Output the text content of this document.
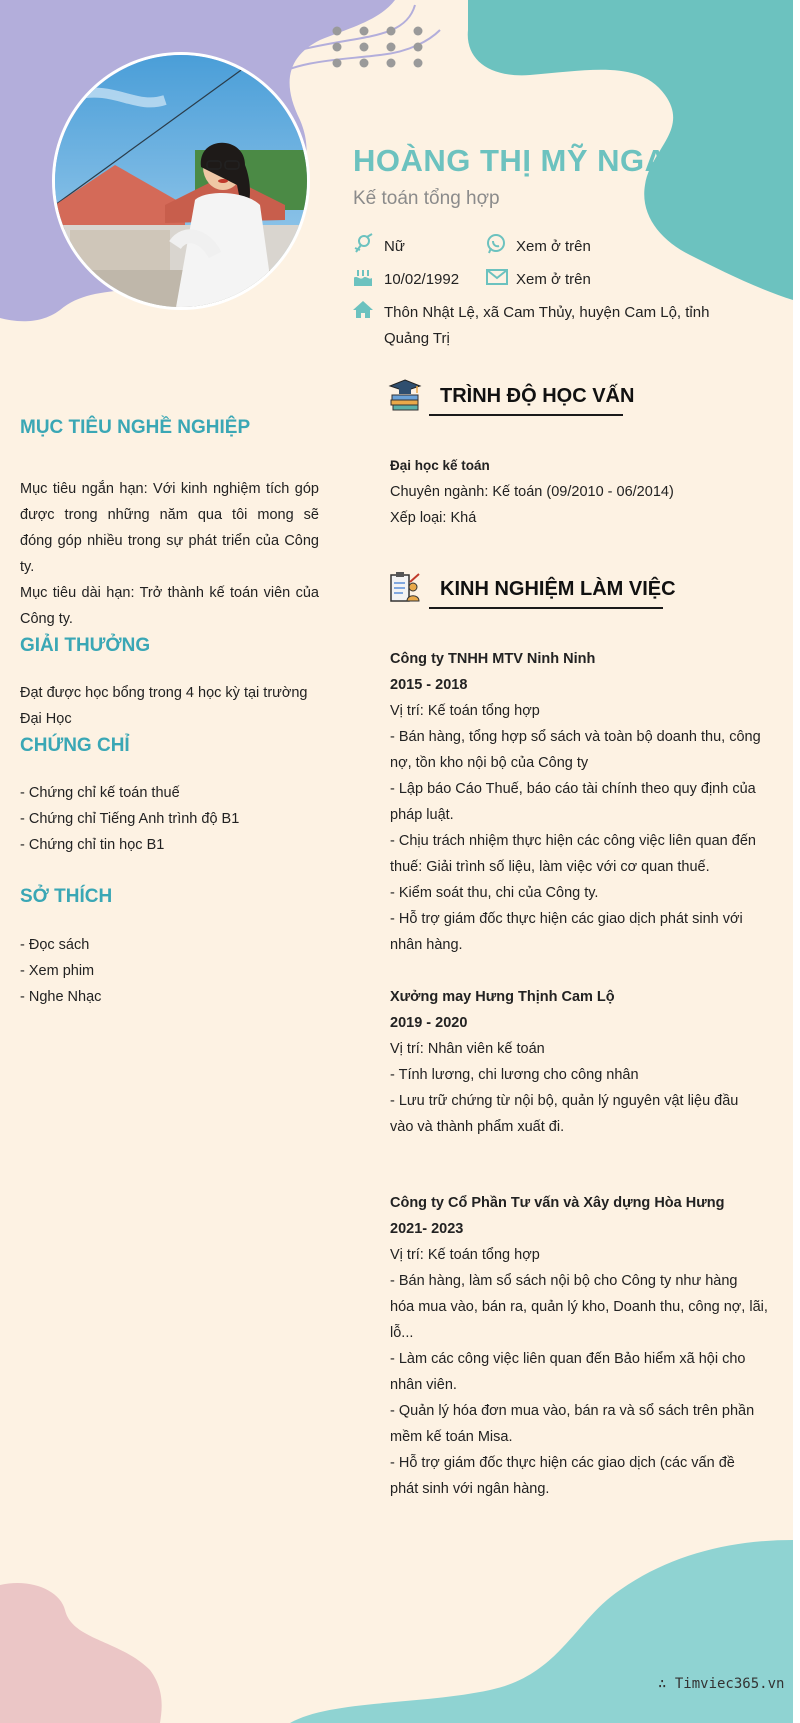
HOÀNG THỊ MỸ NGA
Kế toán tổng hợp
Nữ	Xem ở trên
10/02/1992	Xem ở trên
Thôn Nhật Lệ, xã Cam Thủy, huyện Cam Lộ, tỉnh
Quảng Trị
MỤC TIÊU NGHỀ NGHIỆP
Mục tiêu ngắn hạn: Với kinh nghiệm tích góp
được trong những năm qua tôi mong sẽ
đóng góp nhiều trong sự phát triển của Công
ty.
Mục tiêu dài hạn: Trở thành kế toán viên của
Công ty.
GIẢI THƯỞNG
Đạt được học bổng trong 4 học kỳ tại trường
Đại Học
CHỨNG CHỈ
- Chứng chỉ kế toán thuế
- Chứng chỉ Tiếng Anh trình độ B1
- Chứng chỉ tin học B1
SỞ THÍCH
- Đọc sách
- Xem phim
- Nghe Nhạc
TRÌNH ĐỘ HỌC VẤN
Đại học kế toán
Chuyên ngành: Kế toán (09/2010 - 06/2014)
Xếp loại: Khá
KINH NGHIỆM LÀM VIỆC
Công ty TNHH MTV Ninh Ninh
2015 - 2018
Vị trí: Kế toán tổng hợp
- Bán hàng, tổng hợp sổ sách và toàn bộ doanh thu, công
nợ, tồn kho nội bộ của Công ty
- Lập báo Cáo Thuế, báo cáo tài chính theo quy định của
pháp luật.
- Chịu trách nhiệm thực hiện các công việc liên quan đến
thuế: Giải trình số liệu, làm việc với cơ quan thuế.
- Kiểm soát thu, chi của Công ty.
- Hỗ trợ giám đốc thực hiện các giao dịch phát sinh với
nhân hàng.
Xưởng may Hưng Thịnh Cam Lộ
2019 - 2020
Vị trí: Nhân viên kế toán
- Tính lương, chi lương cho công nhân
- Lưu trữ chứng từ nội bộ, quản lý nguyên vật liệu đầu
vào và thành phẩm xuất đi.
Công ty Cổ Phần Tư vấn và Xây dựng Hòa Hưng
2021- 2023
Vị trí: Kế toán tổng hợp
- Bán hàng, làm sổ sách nội bộ cho Công ty như hàng
hóa mua vào, bán ra, quản lý kho, Doanh thu, công nợ, lãi,
lỗ...
- Làm các công việc liên quan đến Bảo hiểm xã hội cho
nhân viên.
- Quản lý hóa đơn mua vào, bán ra và sổ sách trên phần
mềm kế toán Misa.
- Hỗ trợ giám đốc thực hiện các giao dịch (các vấn đề
phát sinh với ngân hàng.
∴ Timviec365.vn
